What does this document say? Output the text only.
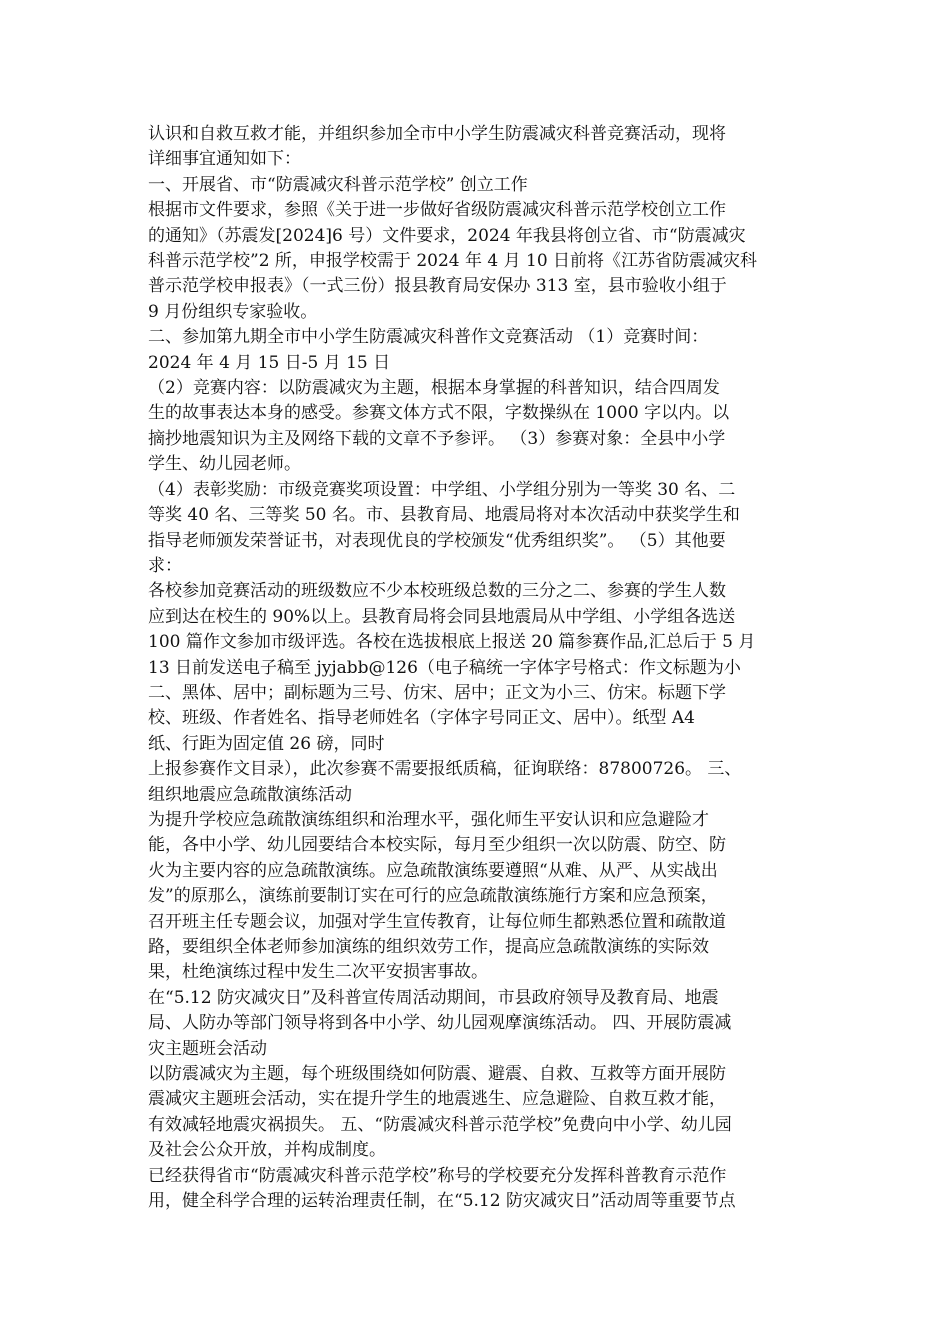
认识和自救互救才能，并组织参加全市中小学生防震减灾科普竞赛活动，现将
详细事宜通知如下：
一、开展省、市“防震减灾科普示范学校” 创立工作
根据市文件要求，参照《关于进一步做好省级防震减灾科普示范学校创立工作
的通知》（苏震发[2024]6 号）文件要求，2024 年我县将创立省、市“防震减灾
科普示范学校”2 所，申报学校需于 2024 年 4 月 10 日前将《江苏省防震减灾科
普示范学校申报表》（一式三份）报县教育局安保办 313 室，县市验收小组于
9 月份组织专家验收。
二、参加第九期全市中小学生防震减灾科普作文竞赛活动 （1）竞赛时间：
2024 年 4 月 15 日-5 月 15 日
（2）竞赛内容：以防震减灾为主题，根据本身掌握的科普知识，结合四周发
生的故事表达本身的感受。参赛文体方式不限，字数操纵在 1000 字以内。以
摘抄地震知识为主及网络下载的文章不予参评。 （3）参赛对象：全县中小学
学生、幼儿园老师。
（4）表彰奖励：市级竞赛奖项设置：中学组、小学组分别为一等奖 30 名、二
等奖 40 名、三等奖 50 名。市、县教育局、地震局将对本次活动中获奖学生和
指导老师颁发荣誉证书，对表现优良的学校颁发“优秀组织奖”。 （5）其他要
求：
各校参加竞赛活动的班级数应不少本校班级总数的三分之二、参赛的学生人数
应到达在校生的 90%以上。县教育局将会同县地震局从中学组、小学组各选送
100 篇作文参加市级评选。各校在选拔根底上报送 20 篇参赛作品,汇总后于 5 月
13 日前发送电子稿至 jyjabb@126（电子稿统一字体字号格式：作文标题为小
二、黑体、居中；副标题为三号、仿宋、居中；正文为小三、仿宋。标题下学
校、班级、作者姓名、指导老师姓名（字体字号同正文、居中）。纸型 A4
纸、行距为固定值 26 磅，同时
上报参赛作文目录），此次参赛不需要报纸质稿，征询联络：87800726。 三、
组织地震应急疏散演练活动
为提升学校应急疏散演练组织和治理水平，强化师生平安认识和应急避险才
能，各中小学、幼儿园要结合本校实际，每月至少组织一次以防震、防空、防
火为主要内容的应急疏散演练。应急疏散演练要遵照“从难、从严、从实战出
发”的原那么，演练前要制订实在可行的应急疏散演练施行方案和应急预案，
召开班主任专题会议，加强对学生宣传教育，让每位师生都熟悉位置和疏散道
路，要组织全体老师参加演练的组织效劳工作，提高应急疏散演练的实际效
果，杜绝演练过程中发生二次平安损害事故。
在“5.12 防灾减灾日”及科普宣传周活动期间，市县政府领导及教育局、地震
局、人防办等部门领导将到各中小学、幼儿园观摩演练活动。 四、开展防震减
灾主题班会活动
以防震减灾为主题，每个班级围绕如何防震、避震、自救、互救等方面开展防
震减灾主题班会活动，实在提升学生的地震逃生、应急避险、自救互救才能，
有效减轻地震灾祸损失。 五、“防震减灾科普示范学校”免费向中小学、幼儿园
及社会公众开放，并构成制度。
已经获得省市“防震减灾科普示范学校”称号的学校要充分发挥科普教育示范作
用，健全科学合理的运转治理责任制，在“5.12 防灾减灾日”活动周等重要节点
